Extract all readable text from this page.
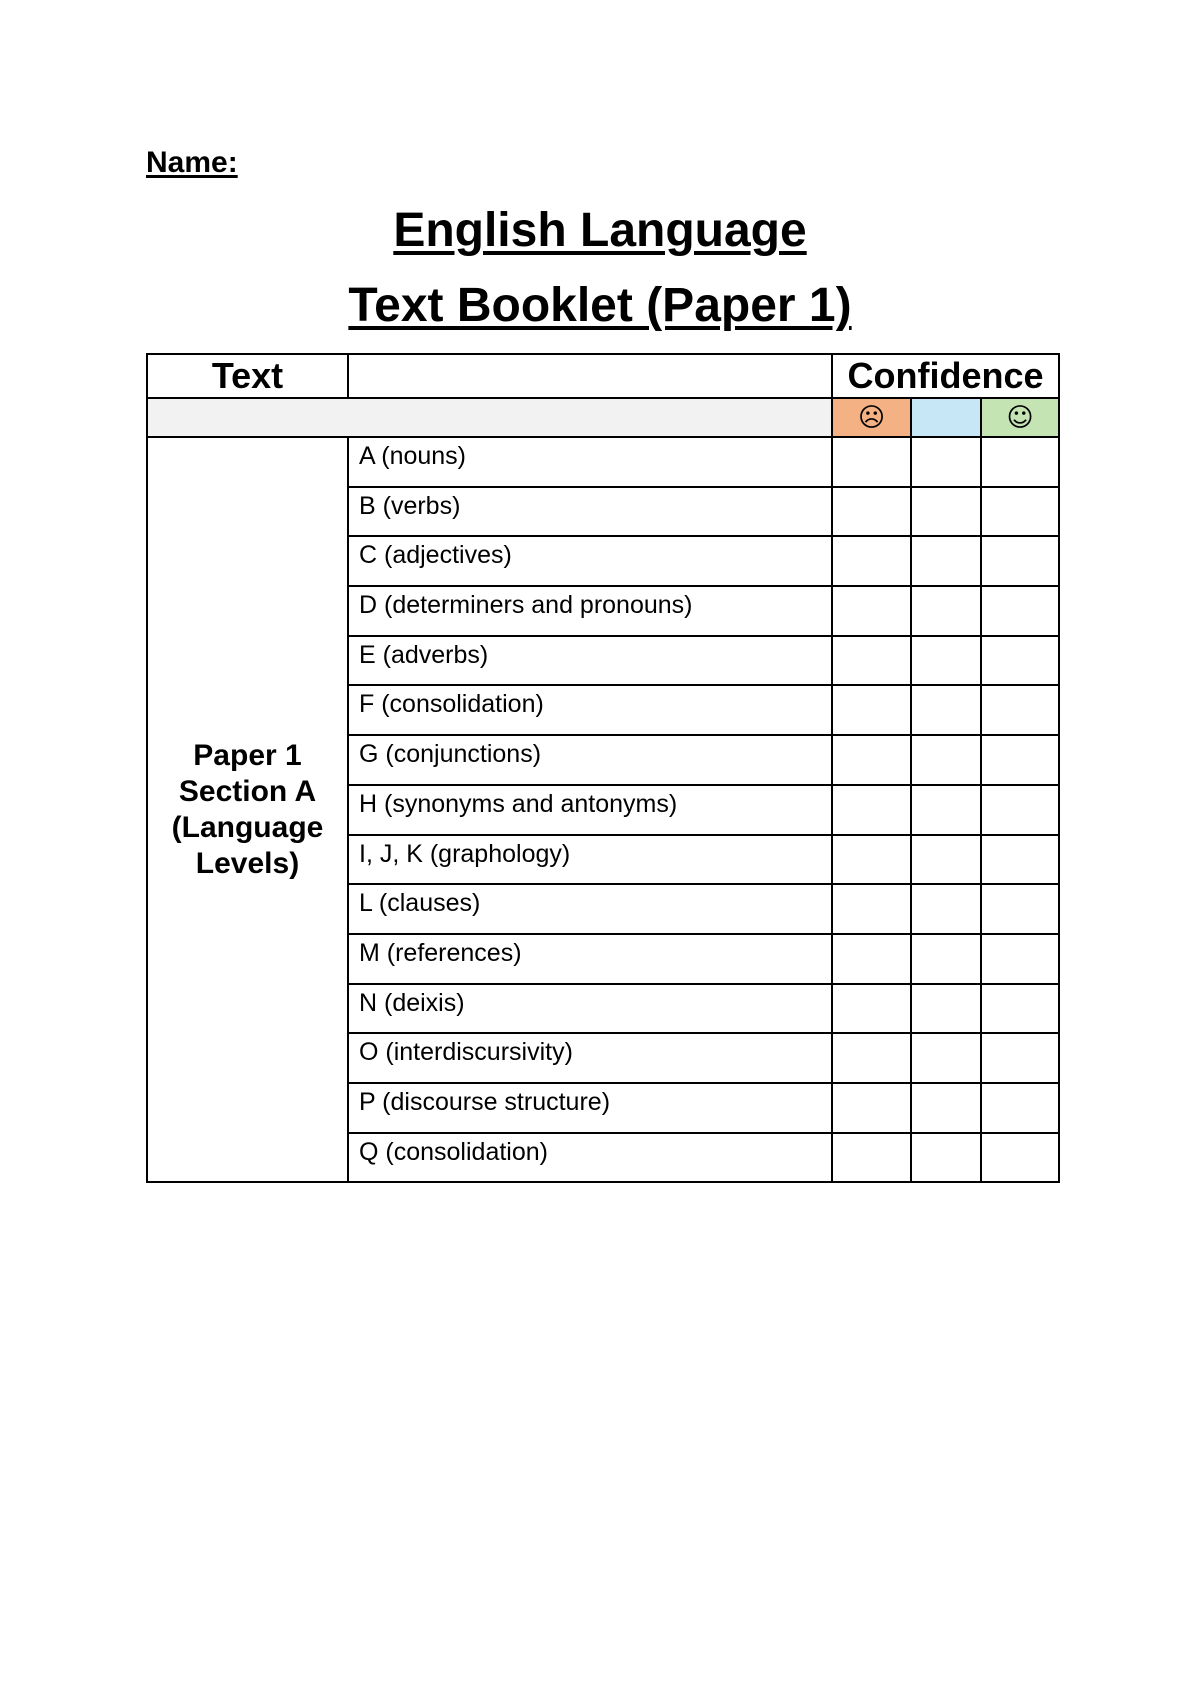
Name:
English Language
Text Booklet (Paper 1)
Text		Confidence		
		☹		☺

Paper 1
Section A
(Language
Levels)	A (nouns)			
	B (verbs)			
	C (adjectives)			
	D (determiners and pronouns)			
	E (adverbs)			
	F (consolidation)			
	G (conjunctions)			
	H (synonyms and antonyms)			
	I, J, K (graphology)			
	L (clauses)			
	M (references)			
	N (deixis)			
	O (interdiscursivity)			
	P (discourse structure)			
	Q (consolidation)			
